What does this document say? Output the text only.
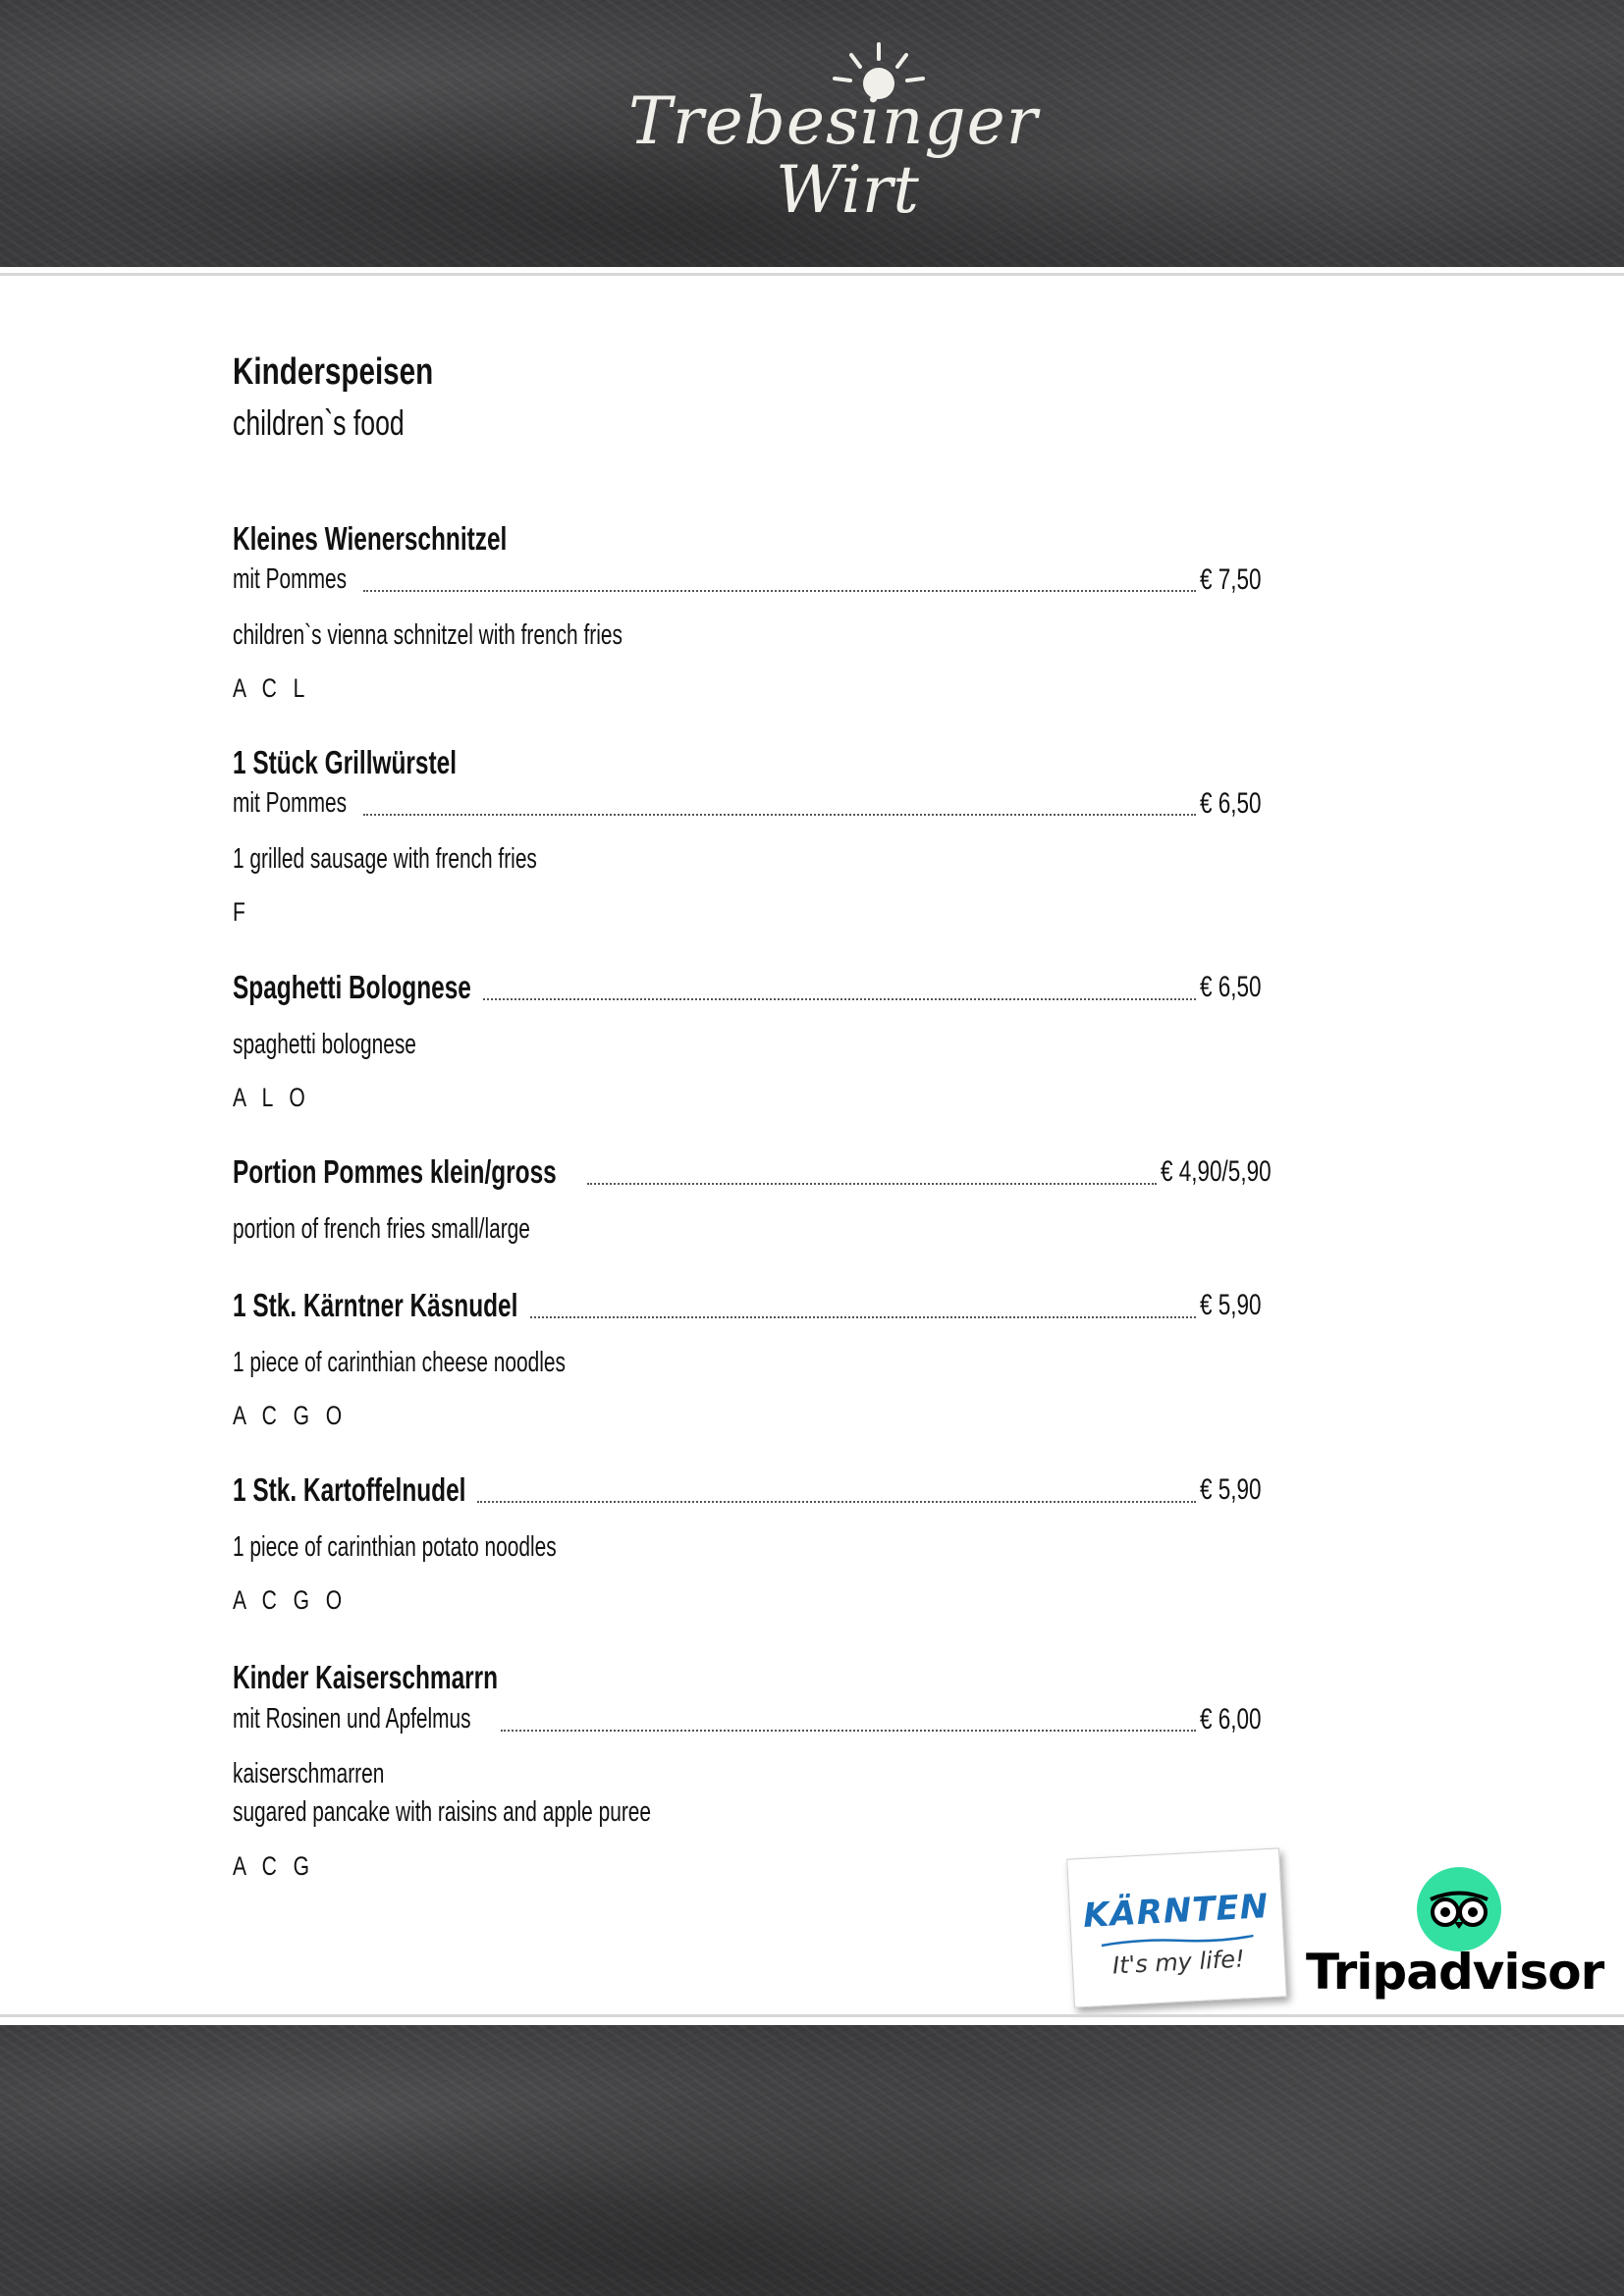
Trebesinger
Wirt
Kinderspeisen
children`s food
Kleines Wienerschnitzel
mit Pommes	€ 7,50
children`s vienna schnitzel with french fries
A C L
1 Stück Grillwürstel
mit Pommes	€ 6,50
1 grilled sausage with french fries
F
Spaghetti Bolognese	€ 6,50
spaghetti bolognese
A L O
Portion Pommes klein/gross	€ 4,90/5,90
portion of french fries small/large
1 Stk. Kärntner Käsnudel	€ 5,90
1 piece of carinthian cheese noodles
A C G O
1 Stk. Kartoffelnudel	€ 5,90
1 piece of carinthian potato noodles
A C G O
Kinder Kaiserschmarrn
mit Rosinen und Apfelmus	€ 6,00
kaiserschmarren
sugared pancake with raisins and apple puree
A C G
KÄRNTEN
It's my life!	Tripadvisor
